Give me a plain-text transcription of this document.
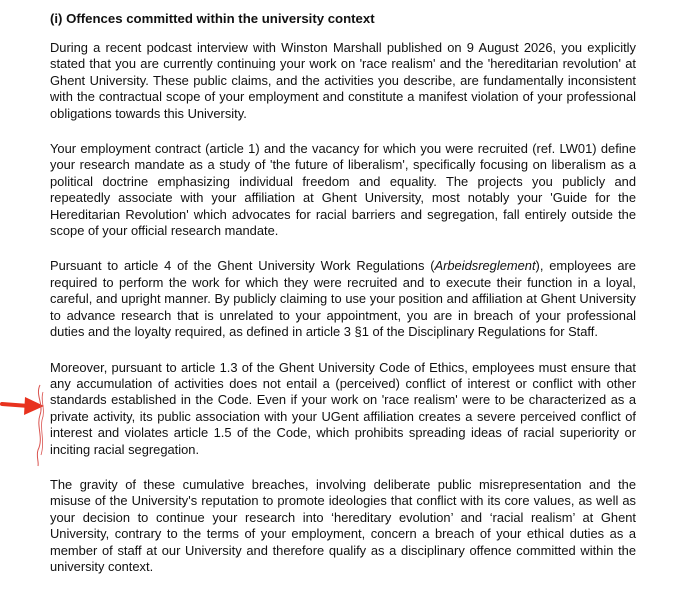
(i) Offences committed within the university context

During a recent podcast interview with Winston Marshall published on 9 August 2026, you explicitly stated that you are currently continuing your work on 'race realism' and the 'hereditarian revolution' at Ghent University. These public claims, and the activities you describe, are fundamentally inconsistent with the contractual scope of your employment and constitute a manifest violation of your professional obligations towards this University.

Your employment contract (article 1) and the vacancy for which you were recruited (ref. LW01) define your research mandate as a study of 'the future of liberalism', specifically focusing on liberalism as a political doctrine emphasizing individual freedom and equality. The projects you publicly and repeatedly associate with your affiliation at Ghent University, most notably your 'Guide for the Hereditarian Revolution' which advocates for racial barriers and segregation, fall entirely outside the scope of your official research mandate.

Pursuant to article 4 of the Ghent University Work Regulations (Arbeidsreglement), employees are required to perform the work for which they were recruited and to execute their function in a loyal, careful, and upright manner. By publicly claiming to use your position and affiliation at Ghent University to advance research that is unrelated to your appointment, you are in breach of your professional duties and the loyalty required, as defined in article 3 §1 of the Disciplinary Regulations for Staff.

Moreover, pursuant to article 1.3 of the Ghent University Code of Ethics, employees must ensure that any accumulation of activities does not entail a (perceived) conflict of interest or conflict with other standards established in the Code. Even if your work on 'race realism' were to be characterized as a private activity, its public association with your UGent affiliation creates a severe perceived conflict of interest and violates article 1.5 of the Code, which prohibits spreading ideas of racial superiority or inciting racial segregation.

The gravity of these cumulative breaches, involving deliberate public misrepresentation and the misuse of the University's reputation to promote ideologies that conflict with its core values, as well as your decision to continue your research into ‘hereditary evolution’ and ‘racial realism’ at Ghent University, contrary to the terms of your employment, concern a breach of your ethical duties as a member of staff at our University and therefore qualify as a disciplinary offence committed within the university context.
